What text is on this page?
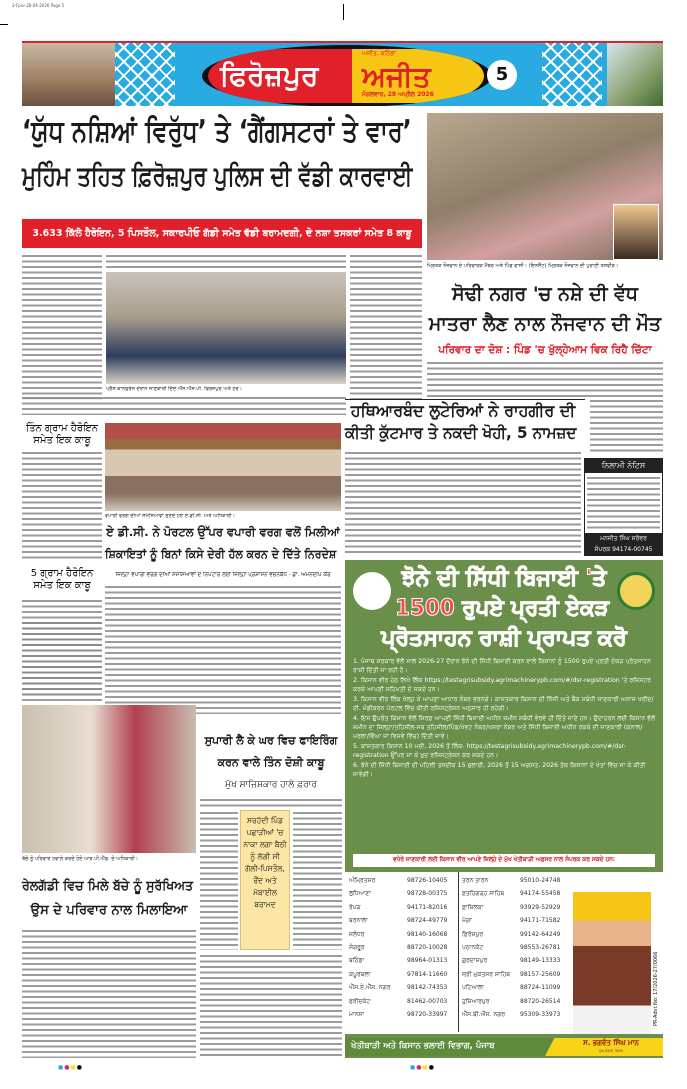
3-Fpur-28-04-2026 Page 5
ਫਿਰੋਜ਼ਪੁਰ ਅਜੀਤ
ਅਜੀਤ, ਬਠਿੰਡਾ
ਮੰਗਲਵਾਰ, 28 ਅਪ੍ਰੈਲ 2026
5
‘ਯੁੱਧ ਨਸ਼ਿਆਂ ਵਿਰੁੱਧ’ ਤੇ ‘ਗੈਂਗਸਟਰਾਂ ਤੇ ਵਾਰ’
ਮੁਹਿੰਮ ਤਹਿਤ ਫ਼ਿਰੋਜ਼ਪੁਰ ਪੁਲਿਸ ਦੀ ਵੱਡੀ ਕਾਰਵਾਈ
3.633 ਕਿੱਲੋ ਹੈਰੋਇਨ, 5 ਪਿਸਤੌਲ, ਸਕਾਰਪੀਓ ਗੱਡੀ ਸਮੇਤ ਵੱਡੀ ਬਰਾਮਦਗੀ, ਦੋ ਨਸ਼ਾ ਤਸਕਰਾਂ ਸਮੇਤ 8 ਕਾਬੂ
ਪ੍ਰੈੱਸ ਕਾਨਫ਼ਰੰਸ ਦੌਰਾਨ ਜਾਣਕਾਰੀ ਦਿੰਦੇ ਐੱਸ.ਐੱਸ.ਪੀ. ਫਿਰੋਜ਼ਪੁਰ ਅਤੇ ਹੋਰ।
ਮ੍ਰਿਤਕ ਨੌਜਵਾਨ ਦੇ ਪਰਿਵਾਰਕ ਮੈਂਬਰ ਅਤੇ ਪਿੰਡ ਵਾਸੀ। (ਇਨਸੈੱਟ) ਮ੍ਰਿਤਕ ਨੌਜਵਾਨ ਦੀ ਪੁਰਾਣੀ ਤਸਵੀਰ।
ਸੋਢੀ ਨਗਰ 'ਚ ਨਸ਼ੇ ਦੀ ਵੱਧ
ਮਾਤਰਾ ਲੈਣ ਨਾਲ ਨੌਜਵਾਨ ਦੀ ਮੌਤ
ਪਰਿਵਾਰ ਦਾ ਦੋਸ਼ : ਪਿੰਡ 'ਚ ਖੁੱਲ੍ਹੇਆਮ ਵਿਕ ਰਿਹੈ ਚਿੱਟਾ
ਤਿੰਨ ਗ੍ਰਾਮ ਹੈਰੋਇਨ ਸਮੇਤ ਇਕ ਕਾਬੂ
ਵਪਾਰੀ ਵਰਗ ਦੀਆਂ ਸਮੱਸਿਆਵਾਂ ਸੁਣਦੇ ਹੋਏ ਏ.ਡੀ.ਸੀ. ਅਤੇ ਅਧਿਕਾਰੀ।
ਏ ਡੀ.ਸੀ. ਨੇ ਪੋਰਟਲ ਉੱਪਰ ਵਪਾਰੀ ਵਰਗ ਵਲੋਂ ਮਿਲੀਆਂ
ਸ਼ਿਕਾਇਤਾਂ ਨੂੰ ਬਿਨਾਂ ਕਿਸੇ ਦੇਰੀ ਹੱਲ ਕਰਨ ਦੇ ਦਿੱਤੇ ਨਿਰਦੇਸ਼
ਜ਼ਿਲ੍ਹਾ ਵਪਾਰੀ ਵਰਗ ਦੀਆਂ ਸਮੱਸਿਆਵਾਂ ਦੇ ਨਿਪਟਾਰੇ ਲਈ ਜ਼ਿਲ੍ਹਾ ਪ੍ਰਸ਼ਾਸਨ ਵਚਨਬੱਧ - ਡਾ. ਅਮਨਦੀਪ ਕੌਰ
5 ਗ੍ਰਾਮ ਹੈਰੋਇਨ ਸਮੇਤ ਇਕ ਕਾਬੂ
ਹਥਿਆਰਬੰਦ ਲੁਟੇਰਿਆਂ ਨੇ ਰਾਹਗੀਰ ਦੀ
ਕੀਤੀ ਕੁੱਟਮਾਰ ਤੇ ਨਕਦੀ ਖੋਹੀ, 5 ਨਾਮਜ਼ਦ
ਨਿਲਾਮੀ ਨੋਟਿਸ
ਮਨਜੀਤ ਸਿੰਘ ਸਰੋਵਰ
ਸੰਪਰਕ 94174-00745
ਬੱਚੇ ਨੂੰ ਪਰਿਵਾਰ ਹਵਾਲੇ ਕਰਦੇ ਹੋਏ ਆਰ.ਪੀ.ਐੱਫ. ਦੇ ਅਧਿਕਾਰੀ।
ਰੇਲਗੱਡੀ ਵਿਚ ਮਿਲੇ ਬੱਚੇ ਨੂੰ ਸੁਰੱਖਿਅਤ
ਉਸ ਦੇ ਪਰਿਵਾਰ ਨਾਲ ਮਿਲਾਇਆ
ਸੁਪਾਰੀ ਲੈ ਕੇ ਘਰ ਵਿਚ ਫਾਇਰਿੰਗ
ਕਰਨ ਵਾਲੇ ਤਿੰਨ ਦੋਸ਼ੀ ਕਾਬੂ
ਮੁੱਖ ਸਾਜ਼ਿਸ਼ਕਾਰ ਹਾਲੇ ਫ਼ਰਾਰ
ਸਰਹੱਦੀ ਪਿੰਡ ਪਛਾੜੀਆਂ 'ਚ ਨਾਕਾ ਲਗਾ ਬੈਠੀ ਨੂੰ ਲੱਗੀ ਸੀ ਗੋਲੀ-ਪਿਸਤੌਲ, ਰੌਂਦ ਅਤੇ ਮੋਬਾਈਲ ਬਰਾਮਦ
ਝੋਨੇ ਦੀ ਸਿੱਧੀ ਬਿਜਾਈ 'ਤੇ
1500 ਰੁਪਏ ਪ੍ਰਤੀ ਏਕੜ
ਪ੍ਰੋਤਸਾਹਨ ਰਾਸ਼ੀ ਪ੍ਰਾਪਤ ਕਰੋ
1. ਪੰਜਾਬ ਸਰਕਾਰ ਵੱਲੋਂ ਸਾਲ 2026-27 ਦੌਰਾਨ ਝੋਨੇ ਦੀ ਸਿੱਧੀ ਬਿਜਾਈ ਕਰਨ ਵਾਲੇ ਕਿਸਾਨਾਂ ਨੂੰ 1500 ਰੁਪਏ ਪ੍ਰਤੀ ਏਕੜ ਪ੍ਰੋਤਸਾਹਨ ਰਾਸ਼ੀ ਦਿੱਤੀ ਜਾ ਰਹੀ ਹੈ।
2. ਕਿਸਾਨ ਵੀਰ ਹੇਠ ਲਿਖੇ ਲਿੰਕ https://testagrisubsidy.agrimachinerypb.com/#/dsr-registration 'ਤੇ ਰਜਿਸਟਰ ਕਰਕੇ ਆਪਣੀ ਸਹਿਮਤੀ ਦੇ ਸਕਦੇ ਹਨ।
3. ਕਿਸਾਨ ਵੀਰ ਲਿੰਕ ਖੋਲ੍ਹ ਕੇ ਆਪਣਾ ਆਧਾਰ ਨੰਬਰ ਭਰਨਗੇ। ਕਾਸ਼ਤਕਾਰ ਕਿਸਾਨ ਦੀ ਨਿੱਜੀ ਅਤੇ ਬੈਂਕ ਸਬੰਧੀ ਜਾਣਕਾਰੀ ਅਨਾਜ ਖਰੀਦ/ ਈ. ਮੰਡੀਕਰਨ ਪੋਰਟਲ ਵਿੱਚ ਕੀਤੀ ਰਜਿਸਟ੍ਰੇਸ਼ਨ ਅਨੁਸਾਰ ਹੀ ਰਹੇਗੀ।
4. ਇਸ ਉਪਰੰਤ ਕਿਸਾਨ ਵੱਲੋਂ ਸਿਰਫ਼ ਆਪਣੀ ਸਿੱਧੀ ਬਿਜਾਈ ਅਧੀਨ ਜ਼ਮੀਨ ਸਬੰਧੀ ਵੇਰਵੇ ਹੀ ਦਿੱਤੇ ਜਾਣੇ ਹਨ। ਉਦਾਹਰਨ ਲਈ ਕਿਸਾਨ ਵੱਲੋਂ ਜ਼ਮੀਨ ਦਾ ਜ਼ਿਲ੍ਹਾ/ਤਹਿਸੀਲ-ਸਬ ਤਹਿਸੀਲ/ਪਿੰਡ/ਖੇਵਟ ਨੰਬਰ/ਖਸਰਾ ਨੰਬਰ ਅਤੇ ਸਿੱਧੀ ਬਿਜਾਈ ਅਧੀਨ ਰਕਬੇ ਦੀ ਜਾਣਕਾਰੀ (ਕਨਾਲ/ਮਰਲਾ/ਵਿੱਘਾ ਜਾਂ ਵਿਸਵੇ ਵਿੱਚ) ਦਿੱਤੀ ਜਾਵੇ।
5. ਕਾਸ਼ਤਕਾਰ ਕਿਸਾਨ 10 ਮਈ, 2026 ਤੋਂ ਲਿੰਕ- https://testagrisubsidy.agrimachinerypb.com/#/dsr-registration ਉੱਪਰ ਜਾ ਕੇ ਖੁਦ ਰਜਿਸਟ੍ਰੇਸ਼ਨ ਕਰ ਸਕਦੇ ਹਨ।
6. ਝੋਨੇ ਦੀ ਸਿੱਧੀ ਬਿਜਾਈ ਦੀ ਪਹਿਲੀ ਤਸਦੀਕ 15 ਜੁਲਾਈ, 2026 ਤੋਂ 15 ਅਗਸਤ, 2026 ਤੱਕ ਕਿਸਾਨਾਂ ਦੇ ਖੇਤਾਂ ਵਿੱਚ ਜਾ ਕੇ ਕੀਤੀ ਜਾਵੇਗੀ।
ਵਧੇਰੇ ਜਾਣਕਾਰੀ ਲਈ ਕਿਸਾਨ ਵੀਰ ਆਪਣੇ ਜ਼ਿਲ੍ਹੇ ਦੇ ਮੁੱਖ ਖੇਤੀਬਾੜੀ ਅਫ਼ਸਰ ਨਾਲ ਸੰਪਰਕ ਕਰ ਸਕਦੇ ਹਨ:
ਅੰਮ੍ਰਿਤਸਰ	98726-10405
ਲੁਧਿਆਣਾ	98728-00375
ਰੋਪੜ	94171-82016
ਬਰਨਾਲਾ	98724-49779
ਜਲੰਧਰ	98140-16068
ਸੰਗਰੂਰ	88720-10028
ਬਠਿੰਡਾ	98964-01313
ਕਪੂਰਥਲਾ	97814-11660
ਐੱਸ.ਏ.ਐੱਸ. ਨਗਰ	98142-74353
ਫਰੀਦਕੋਟ	81462-00703
ਮਾਨਸਾ	98720-33997
ਤਰਨ ਤਾਰਨ	95010-24748
ਫ਼ਤਹਿਗੜ੍ਹ ਸਾਹਿਬ	94174-55458
ਫ਼ਾਜ਼ਿਲਕਾ	93929-52929
ਮੋਗਾ	94171-71582
ਫ਼ਿਰੋਜ਼ਪੁਰ	99142-64249
ਪਠਾਨਕੋਟ	98553-26781
ਗੁਰਦਾਸਪੁਰ	98149-13333
ਸ੍ਰੀ ਮੁਕਤਸਰ ਸਾਹਿਬ	98157-25609
ਪਟਿਆਲਾ	88724-11099
ਹੁਸ਼ਿਆਰਪੁਰ	88720-26514
ਐੱਸ.ਬੀ.ਐੱਸ. ਨਗਰ	95309-33973	PR-Advt No: 17/2026-27/0066
ਖੇਤੀਬਾੜੀ ਅਤੇ ਕਿਸਾਨ ਭਲਾਈ ਵਿਭਾਗ, ਪੰਜਾਬ	ਸ. ਭਗਵੰਤ ਸਿੰਘ ਮਾਨ
ਮੁੱਖ ਮੰਤਰੀ, ਪੰਜਾਬ
●●●●	●●●●
